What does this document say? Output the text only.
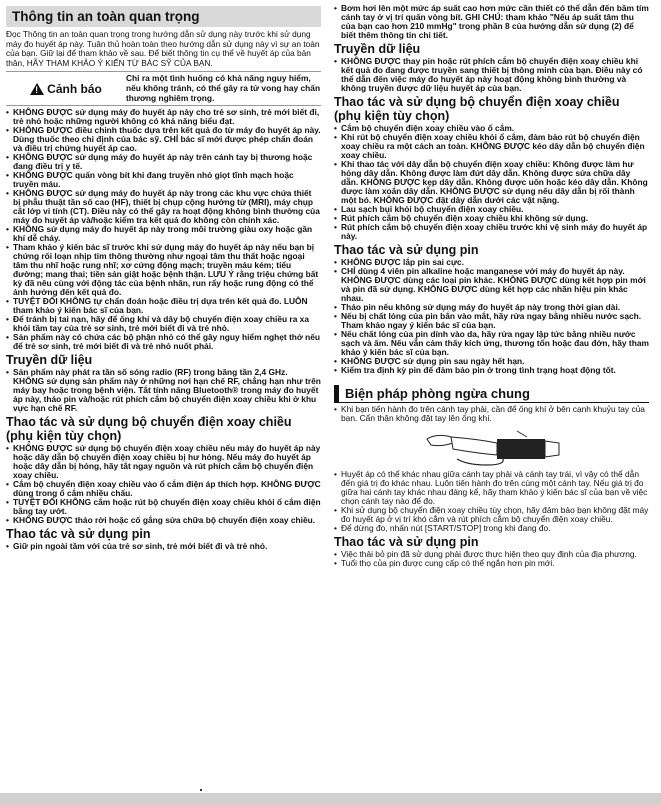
Thông tin an toàn quan trọng

Đọc Thông tin an toàn quan trọng trong hướng dẫn sử dụng này trước khi sử dụng máy đo huyết áp này. Tuân thủ hoàn toàn theo hướng dẫn sử dụng này vì sự an toàn của bạn. Giữ lại để tham khảo về sau. Để biết thông tin cụ thể về huyết áp của bản thân, HÃY THAM KHẢO Ý KIẾN TỪ BÁC SỸ CỦA BẠN.

! Cảnh báo
Chỉ ra một tình huống có khả năng nguy hiểm, nếu không tránh, có thể gây ra tử vong hay chấn thương nghiêm trọng.
• KHÔNG ĐƯỢC sử dụng máy đo huyết áp này cho trẻ sơ sinh, trẻ mới biết đi, trẻ nhỏ hoặc những người không có khả năng biểu đạt.
• KHÔNG ĐƯỢC điều chỉnh thuốc dựa trên kết quả đo từ máy đo huyết áp này. Dùng thuốc theo chỉ định của bác sỹ. CHỈ bác sĩ mới được phép chẩn đoán và điều trị chứng huyết áp cao.
• KHÔNG ĐƯỢC sử dụng máy đo huyết áp này trên cánh tay bị thương hoặc đang điều trị y tế.
• KHÔNG ĐƯỢC quấn vòng bít khi đang truyền nhỏ giọt tĩnh mạch hoặc truyền máu.
• KHÔNG ĐƯỢC sử dụng máy đo huyết áp này trong các khu vực chứa thiết bị phẫu thuật tần số cao (HF), thiết bị chụp cộng hưởng từ (MRI), máy chụp cắt lớp vi tính (CT). Điều này có thể gây ra hoạt động không bình thường của máy đo huyết áp và/hoặc kiểm tra kết quả đo không còn chính xác.
• KHÔNG sử dụng máy đo huyết áp này trong môi trường giàu oxy hoặc gần khí dễ cháy.
• Tham khảo ý kiến bác sĩ trước khi sử dụng máy đo huyết áp này nếu bạn bị chứng rối loạn nhịp tim thông thường như ngoại tâm thu thất hoặc ngoại tâm thu nhĩ hoặc rung nhĩ; xơ cứng động mạch; truyền máu kém; tiểu đường; mang thai; tiền sản giật hoặc bệnh thận. LƯU Ý rằng triệu chứng bất kỳ đã nêu cùng với động tác của bệnh nhân, run rẩy hoặc rung động có thể ảnh hưởng đến kết quả đo.
• TUYỆT ĐỐI KHÔNG tự chẩn đoán hoặc điều trị dựa trên kết quả đo. LUÔN tham khảo ý kiến bác sĩ của bạn.
• Để tránh bị tai nạn, hãy để ống khí và dây bộ chuyển điện xoay chiều ra xa khỏi tầm tay của trẻ sơ sinh, trẻ mới biết đi và trẻ nhỏ.
• Sản phẩm này có chứa các bộ phận nhỏ có thể gây nguy hiểm nghẹt thở nếu để trẻ sơ sinh, trẻ mới biết đi và trẻ nhỏ nuốt phải.
Truyền dữ liệu
• Sản phẩm này phát ra tần số sóng radio (RF) trong băng tần 2,4 GHz. KHÔNG sử dụng sản phẩm này ở những nơi hạn chế RF, chẳng hạn như trên máy bay hoặc trong bệnh viện. Tắt tính năng Bluetooth® trong máy đo huyết áp này, tháo pin và/hoặc rút phích cắm bộ chuyển điện xoay chiều khi ở khu vực hạn chế RF.
Thao tác và sử dụng bộ chuyển điện xoay chiều (phụ kiện tùy chọn)
• KHÔNG ĐƯỢC sử dụng bộ chuyển điện xoay chiều nếu máy đo huyết áp này hoặc dây dẫn bộ chuyển điện xoay chiều bị hư hỏng. Nếu máy đo huyết áp hoặc dây dẫn bị hỏng, hãy tắt ngay nguồn và rút phích cắm bộ chuyển điện xoay chiều.
• Cắm bộ chuyển điện xoay chiều vào ổ cắm điện áp thích hợp. KHÔNG ĐƯỢC dùng trong ổ cắm nhiều chấu.
• TUYỆT ĐỐI KHÔNG cắm hoặc rút bộ chuyển điện xoay chiều khỏi ổ cắm điện bằng tay ướt.
• KHÔNG ĐƯỢC tháo rời hoặc cố gắng sửa chữa bộ chuyển điện xoay chiều.
Thao tác và sử dụng pin
• Giữ pin ngoài tầm với của trẻ sơ sinh, trẻ mới biết đi và trẻ nhỏ.
• Bơm hơi lên một mức áp suất cao hơn mức cần thiết có thể dẫn đến bầm tím cánh tay ở vị trí quấn vòng bít. GHI CHÚ: tham khảo "Nếu áp suất tâm thu của bạn cao hơn 210 mmHg" trong phần 8 của hướng dẫn sử dụng (2) để biết thêm thông tin chi tiết.
Truyền dữ liệu
• KHÔNG ĐƯỢC thay pin hoặc rút phích cắm bộ chuyển điện xoay chiều khi kết quả đo đang được truyền sang thiết bị thông minh của bạn. Điều này có thể dẫn đến việc máy đo huyết áp này hoạt động không bình thường và không truyền được dữ liệu huyết áp của bạn.
Thao tác và sử dụng bộ chuyển điện xoay chiều (phụ kiện tùy chọn)
• Cắm bộ chuyển điện xoay chiều vào ổ cắm.
• Khi rút bộ chuyển điện xoay chiều khỏi ổ cắm, đảm bảo rút bộ chuyển điện xoay chiều ra một cách an toàn. KHÔNG ĐƯỢC kéo dây dẫn bộ chuyển điện xoay chiều.
• Khi thao tác với dây dẫn bộ chuyển điện xoay chiều: Không được làm hư hỏng dây dẫn. Không được làm đứt dây dẫn. Không được sửa chữa dây dẫn. KHÔNG ĐƯỢC kẹp dây dẫn. Không được uốn hoặc kéo dây dẫn. Không được làm xoắn dây dẫn. KHÔNG ĐƯỢC sử dụng nếu dây dẫn bị rối thành một bó. KHÔNG ĐƯỢC đặt dây dẫn dưới các vật nặng.
• Lau sạch bụi khỏi bộ chuyển điện xoay chiều.
• Rút phích cắm bộ chuyển điện xoay chiều khi không sử dụng.
• Rút phích cắm bộ chuyển điện xoay chiều trước khi vệ sinh máy đo huyết áp này.
Thao tác và sử dụng pin
• KHÔNG ĐƯỢC lắp pin sai cực.
• CHỈ dùng 4 viên pin alkaline hoặc manganese với máy đo huyết áp này. KHÔNG ĐƯỢC dùng các loại pin khác. KHÔNG ĐƯỢC dùng kết hợp pin mới và pin đã sử dụng. KHÔNG ĐƯỢC dùng kết hợp các nhãn hiệu pin khác nhau.
• Tháo pin nếu không sử dụng máy đo huyết áp này trong thời gian dài.
• Nếu bị chất lỏng của pin bắn vào mắt, hãy rửa ngay bằng nhiều nước sạch. Tham khảo ngay ý kiến bác sĩ của bạn.
• Nếu chất lỏng của pin dính vào da, hãy rửa ngay lập tức bằng nhiều nước sạch và ấm. Nếu vẫn cảm thấy kích ứng, thương tổn hoặc đau đớn, hãy tham khảo ý kiến bác sĩ của bạn.
• KHÔNG ĐƯỢC sử dụng pin sau ngày hết hạn.
• Kiểm tra định kỳ pin để đảm bảo pin ở trong tình trạng hoạt động tốt.
Biện pháp phòng ngừa chung
• Khi bạn tiến hành đo trên cánh tay phải, cần để ống khí ở bên cạnh khuỷu tay của bạn. Cẩn thận không đặt tay lên ống khí.
• Huyết áp có thể khác nhau giữa cánh tay phải và cánh tay trái, vì vậy có thể dẫn đến giá trị đo khác nhau. Luôn tiến hành đo trên cùng một cánh tay. Nếu giá trị đo giữa hai cánh tay khác nhau đáng kể, hãy tham khảo ý kiến bác sĩ của bạn về việc chọn cánh tay nào để đo.
• Khi sử dụng bộ chuyển điện xoay chiều tùy chọn, hãy đảm bảo bạn không đặt máy đo huyết áp ở vị trí khó cắm và rút phích cắm bộ chuyển điện xoay chiều.
• Để dừng đo, nhấn nút [START/STOP] trong khi đang đo.
Thao tác và sử dụng pin
• Việc thải bỏ pin đã sử dụng phải được thực hiện theo quy định của địa phương.
• Tuổi thọ của pin được cung cấp có thể ngắn hơn pin mới.
